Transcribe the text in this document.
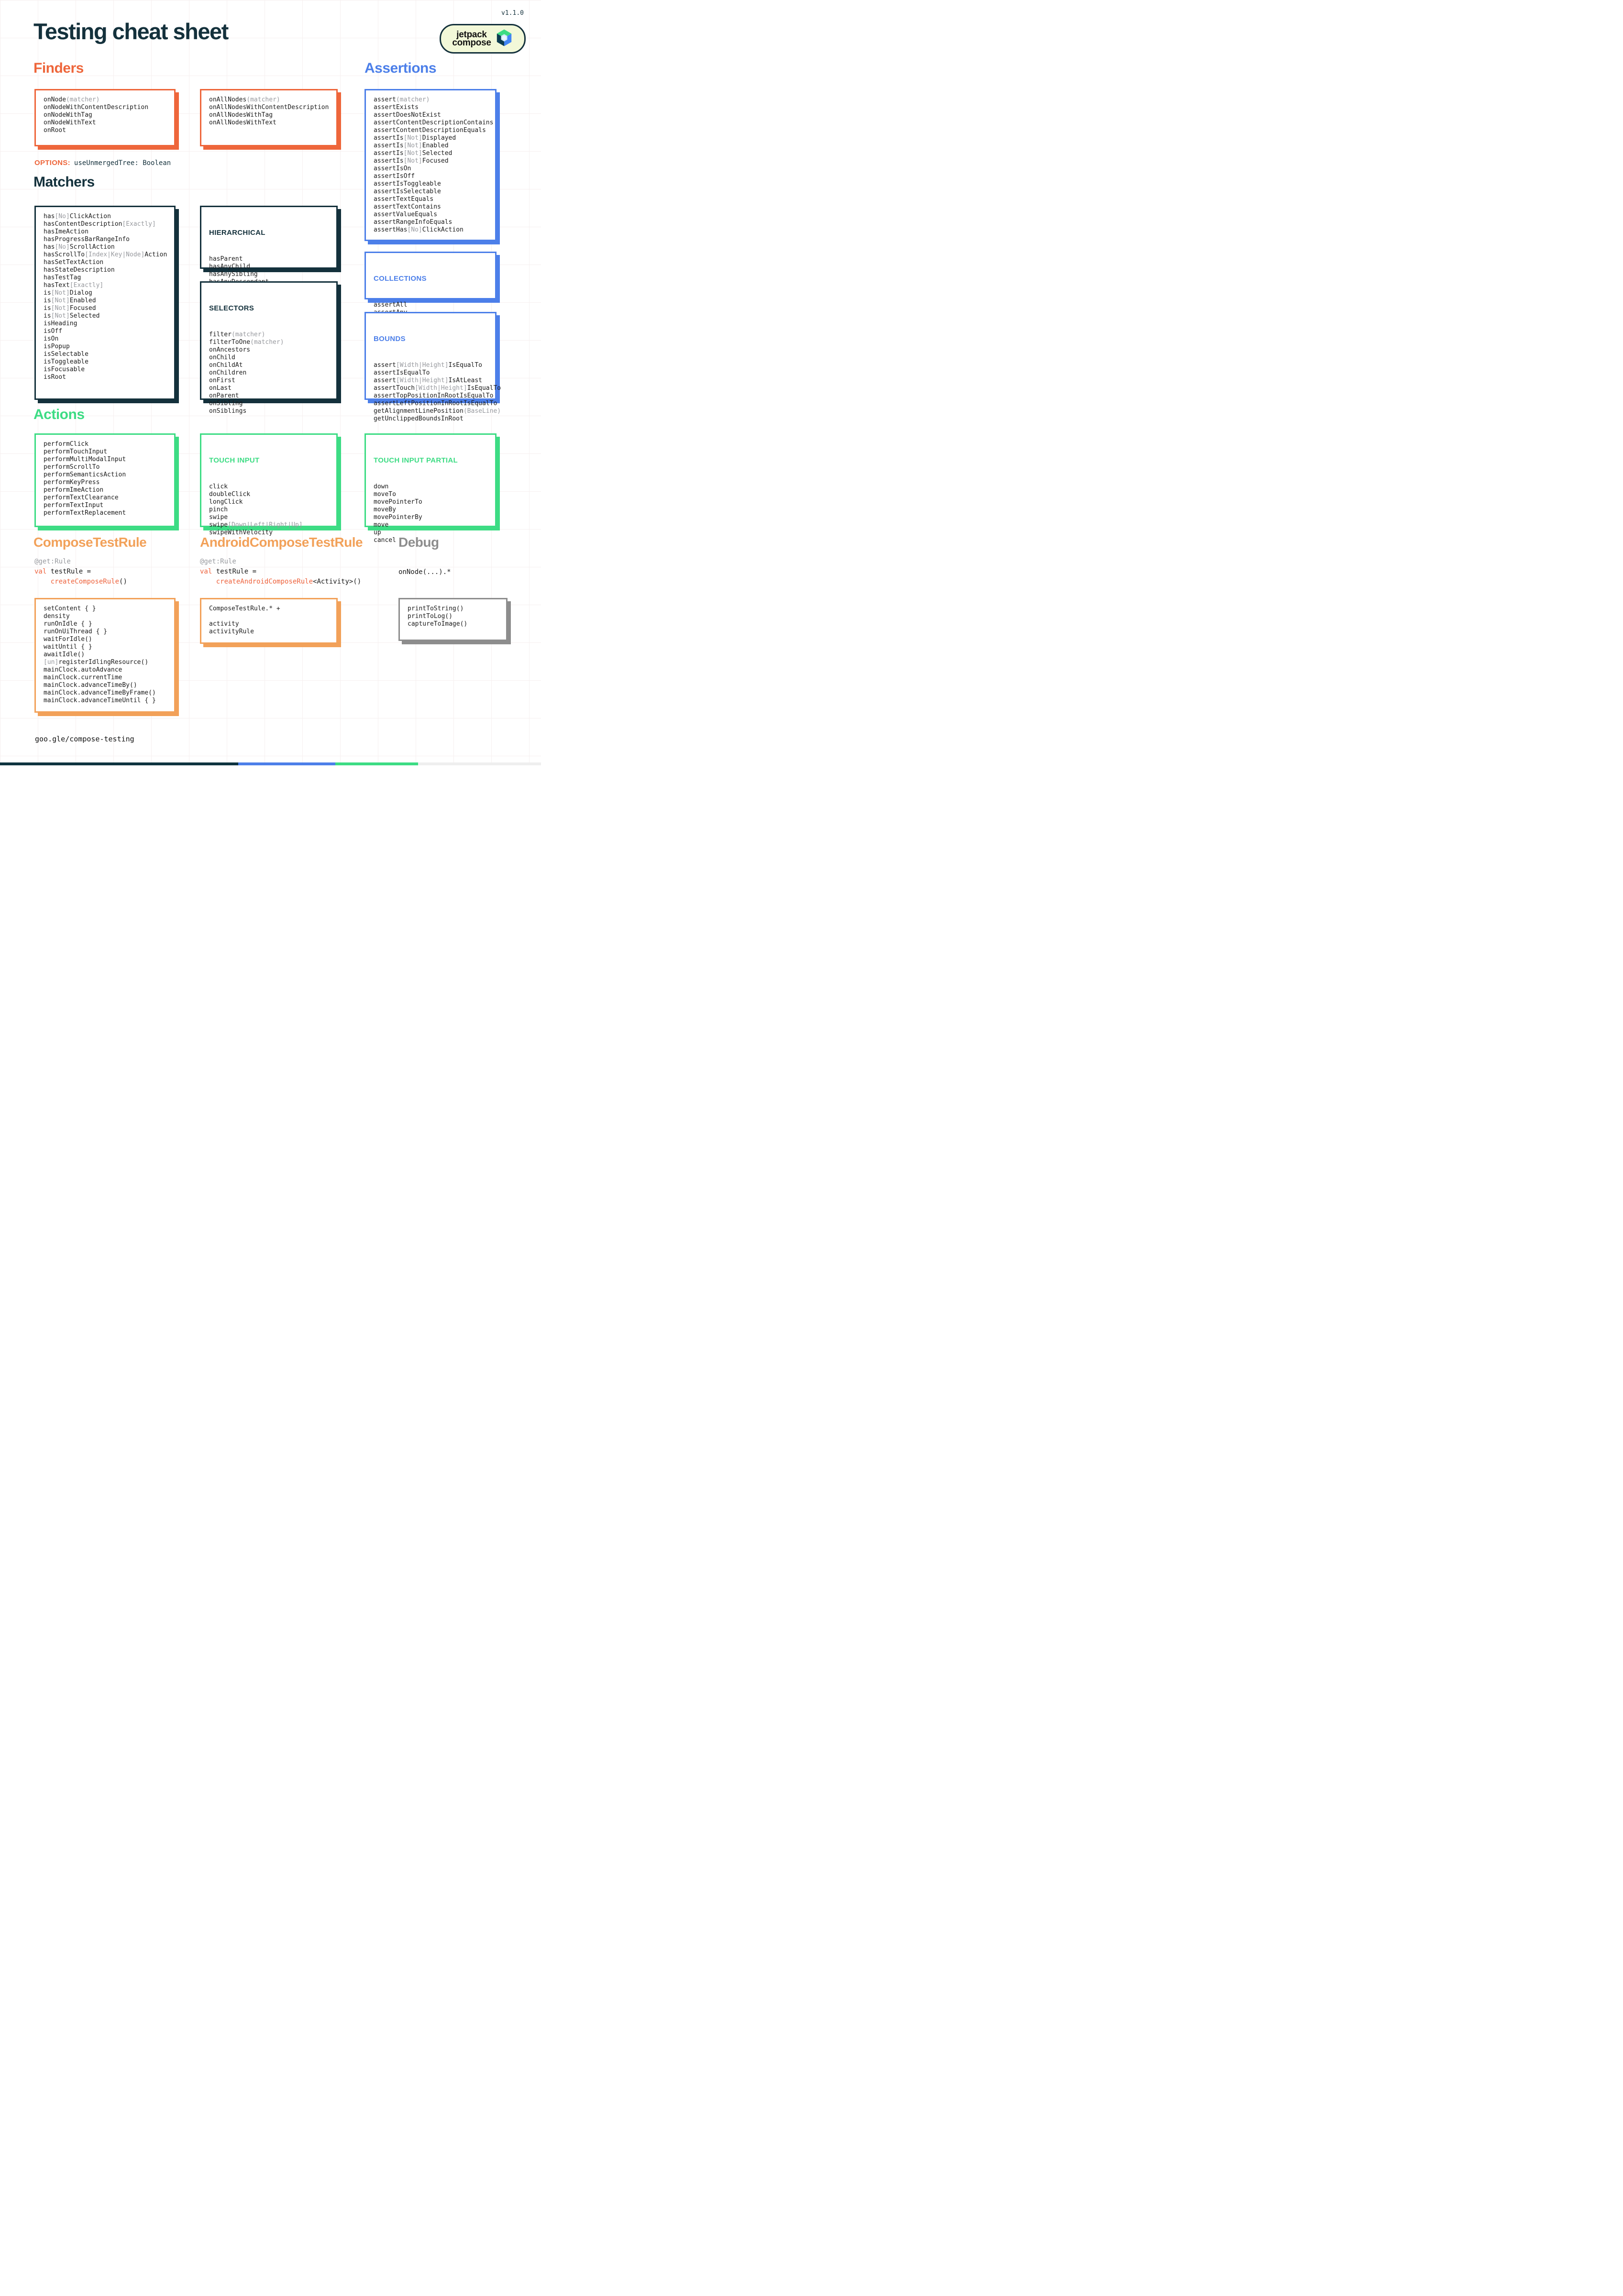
Testing cheat sheet
v1.1.0
jetpack
compose
Finders	Assertions
Matchers
Actions
ComposeTestRule	AndroidComposeTestRule	Debug
onNode(matcher)
onNodeWithContentDescription
onNodeWithTag
onNodeWithText
onRoot
onAllNodes(matcher)
onAllNodesWithContentDescription
onAllNodesWithTag
onAllNodesWithText
OPTIONS: useUnmergedTree: Boolean
assert(matcher)
assertExists
assertDoesNotExist
assertContentDescriptionContains
assertContentDescriptionEquals
assertIs[Not]Displayed
assertIs[Not]Enabled
assertIs[Not]Selected
assertIs[Not]Focused
assertIsOn
assertIsOff
assertIsToggleable
assertIsSelectable
assertTextEquals
assertTextContains
assertValueEquals
assertRangeInfoEquals
assertHas[No]ClickAction

COLLECTIONS

assertAll

BOUNDS

assert[Width|Height]IsEqualTo
assertIsEqualTo
assert[Width|Height]IsAtLeast
assertTouch[Width|Height]IsEqualTo
assertTopPositionInRootIsEqualTo
assertLeftPositionInRootIsEqualTo
getAlignmentLinePosition(BaseLine)
getUnclippedBoundsInRoot

has[No]ClickAction
hasContentDescription[Exactly]
hasImeAction
hasProgressBarRangeInfo
has[No]ScrollAction
hasScrollTo[Index|Key|Node]Action
hasSetTextAction
hasStateDescription
hasTestTag
hasText[Exactly]
is[Not]Dialog
is[Not]Enabled
is[Not]Focused
is[Not]Selected
isHeading
isOff
isOn
isPopup
isSelectable
isToggleable
isFocusable
isRoot

HIERARCHICAL

hasParent
hasAnyChild
hasAnySibling

SELECTORS

filter(matcher)
filterToOne(matcher)
onAncestors
onChild
onChildAt
onChildren
onFirst
onLast
onParent
onSibling
onSiblings

performClick
performTouchInput
performMultiModalInput
performScrollTo
performSemanticsAction
performKeyPress
performImeAction
performTextClearance
performTextInput
performTextReplacement

TOUCH INPUT

click
doubleClick
longClick
pinch
swipe
swipe[Down|Left|Right|Up]
swipeWithVelocity

TOUCH INPUT PARTIAL

down
moveTo
movePointerTo
moveBy
movePointerBy
move
up
cancel

@get:Rule
val testRule =
createComposeRule()
@get:Rule
val testRule =
createAndroidComposeRule<Activity>()
onNode(...).*
setContent { }
density
runOnIdle { }
runOnUiThread { }
waitForIdle()
waitUntil { }
awaitIdle()
[un]registerIdlingResource()
mainClock.autoAdvance
mainClock.currentTime
mainClock.advanceTimeBy()
mainClock.advanceTimeByFrame()
mainClock.advanceTimeUntil { }
ComposeTestRule.* +
activity
activityRule
printToString()
printToLog()
captureToImage()
goo.gle/compose-testing
